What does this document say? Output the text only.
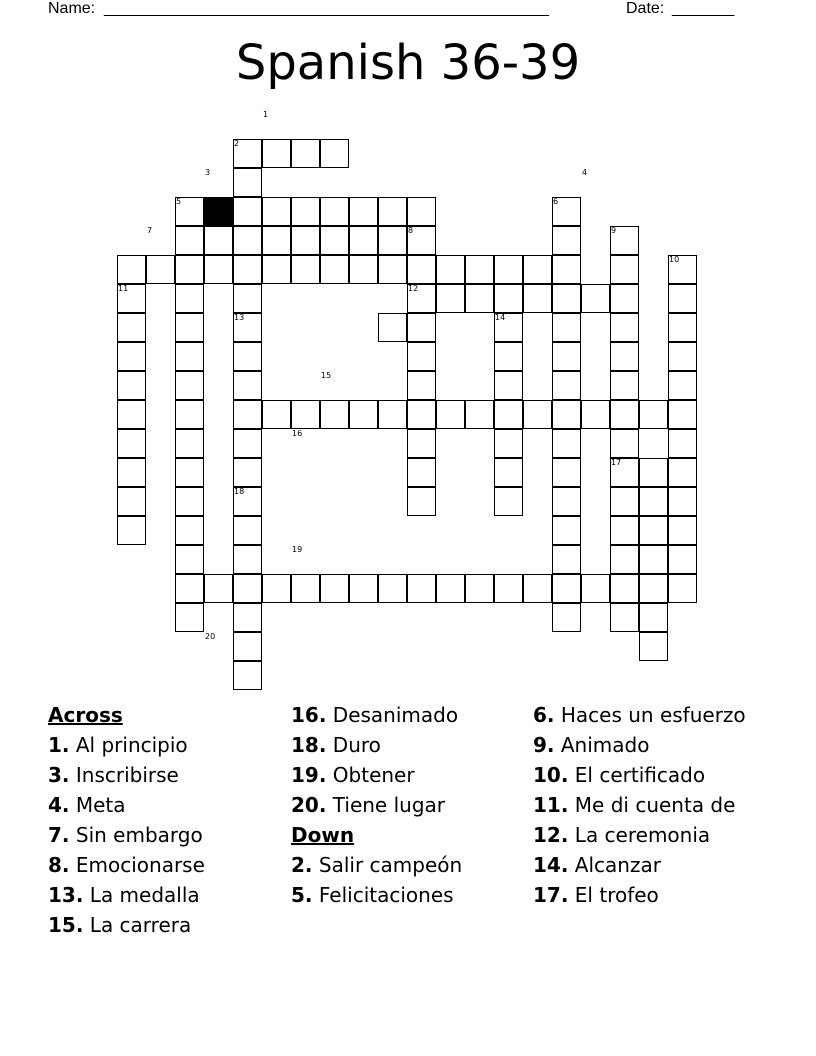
Name: __________________________________________________	Date: _______
Spanish 36-39
1
2
3	4
5	6
7	8	9
10
11	12
13	14
15
16
17
18
19
20
Across
1. Al principio
3. Inscribirse
4. Meta
7. Sin embargo
8. Emocionarse
13. La medalla
15. La carrera
16. Desanimado
18. Duro
19. Obtener
20. Tiene lugar
Down
2. Salir campeón
5. Felicitaciones
6. Haces un esfuerzo
9. Animado
10. El certificado
11. Me di cuenta de
12. La ceremonia
14. Alcanzar
17. El trofeo
